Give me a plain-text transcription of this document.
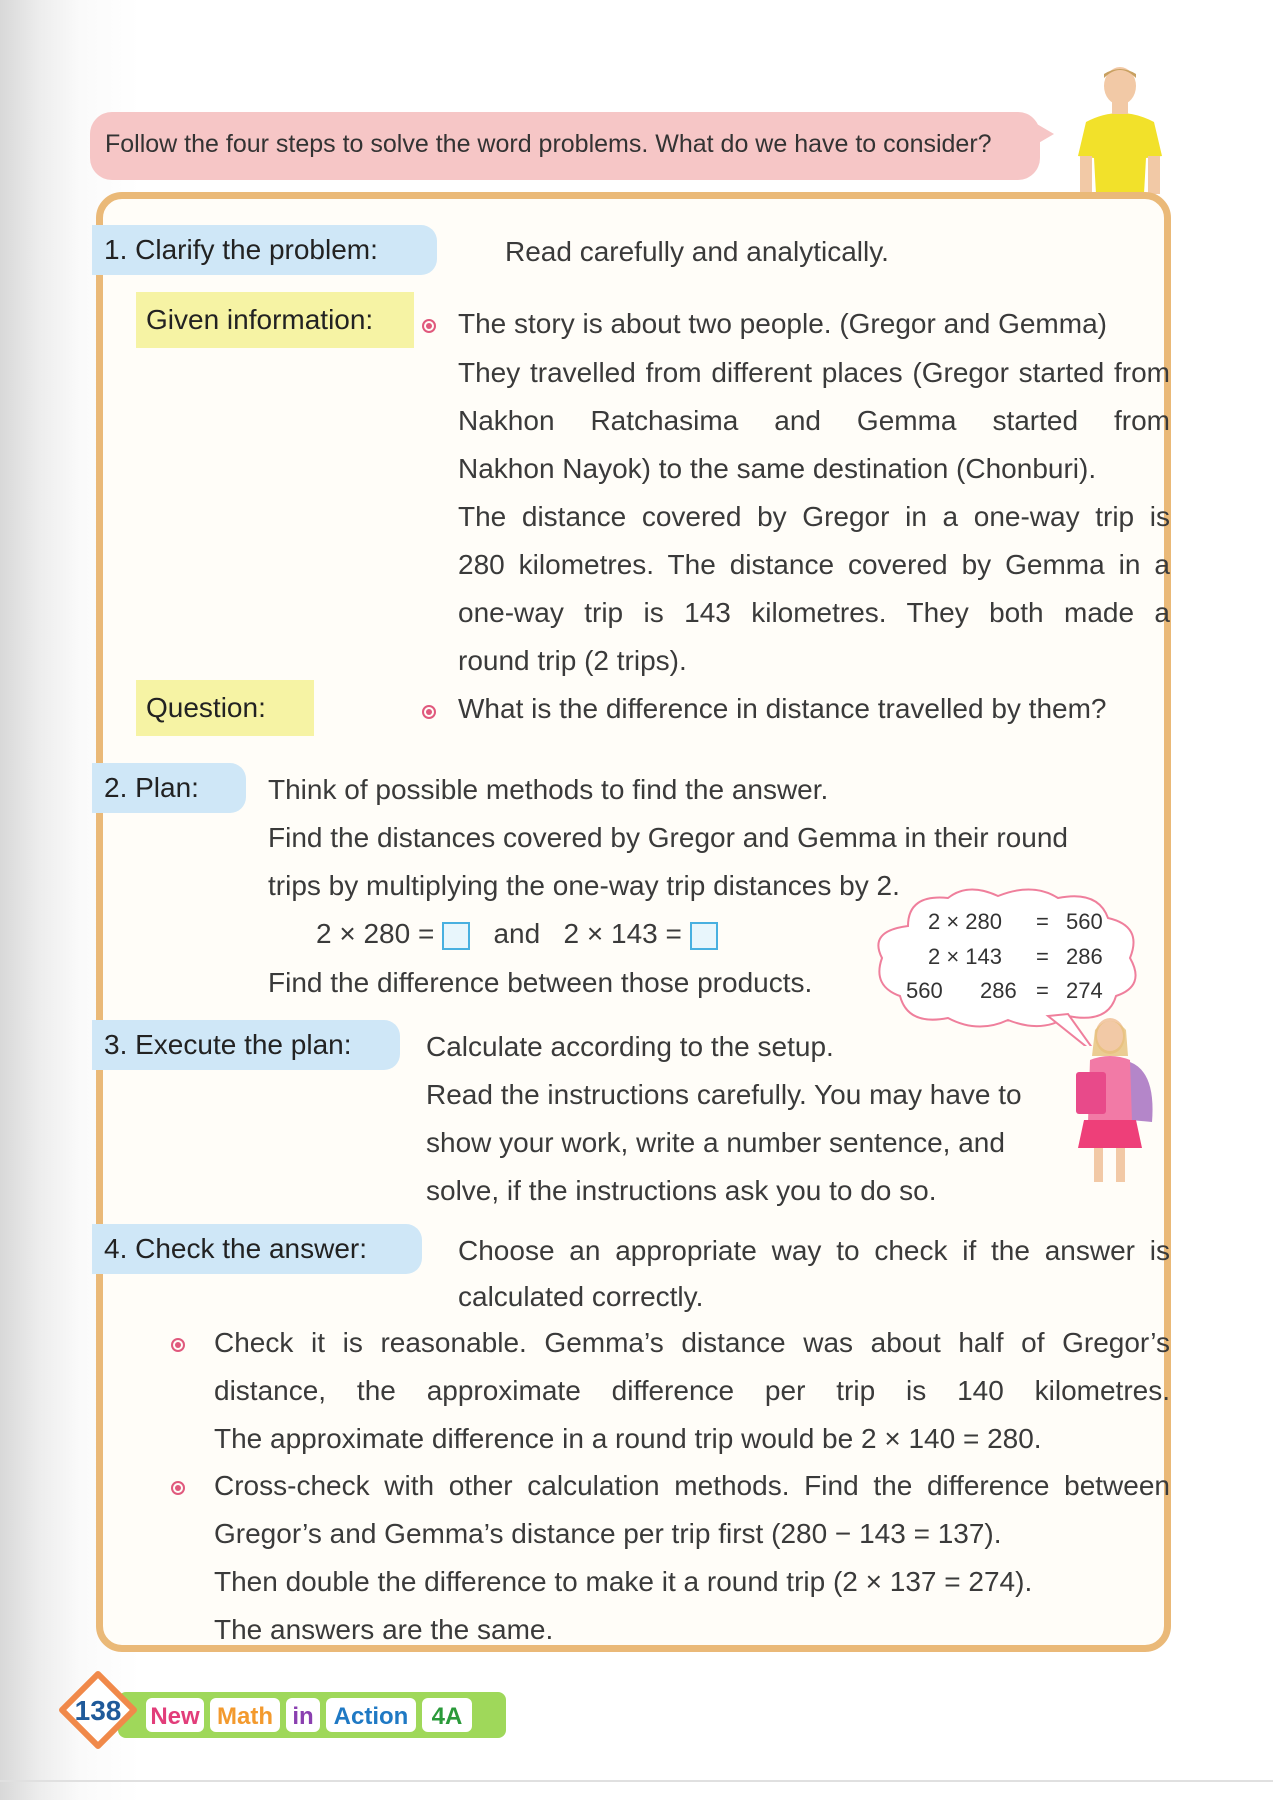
Follow the four steps to solve the word problems. What do we have to consider?
1. Clarify the problem:	Read carefully and analytically.
Given information:	The story is about two people. (Gregor and Gemma)
They travelled from different places (Gregor started from
Nakhon Ratchasima and Gemma started from
Nakhon Nayok) to the same destination (Chonburi).
The distance covered by Gregor in a one-way trip is
280 kilometres. The distance covered by Gemma in a
one-way trip is 143 kilometres. They both made a
round trip (2 trips).
Question:	What is the difference in distance travelled by them?
2. Plan:	Think of possible methods to find the answer.
Find the distances covered by Gregor and Gemma in their round
trips by multiplying the one-way trip distances by 2.
2 × 280 = and 2 × 143 =
Find the difference between those products.
2 × 280 = 560
2 × 143 = 286
560 286 = 274
3. Execute the plan:	Calculate according to the setup.
Read the instructions carefully. You may have to
show your work, write a number sentence, and
solve, if the instructions ask you to do so.
4. Check the answer:	Choose an appropriate way to check if the answer is
calculated correctly.
Check it is reasonable. Gemma’s distance was about half of Gregor’s
distance, the approximate difference per trip is 140 kilometres.
The approximate difference in a round trip would be 2 × 140 = 280.
Cross-check with other calculation methods. Find the difference between
Gregor’s and Gemma’s distance per trip first (280 − 143 = 137).
Then double the difference to make it a round trip (2 × 137 = 274).
The answers are the same.
138 New Math in Action 4A
